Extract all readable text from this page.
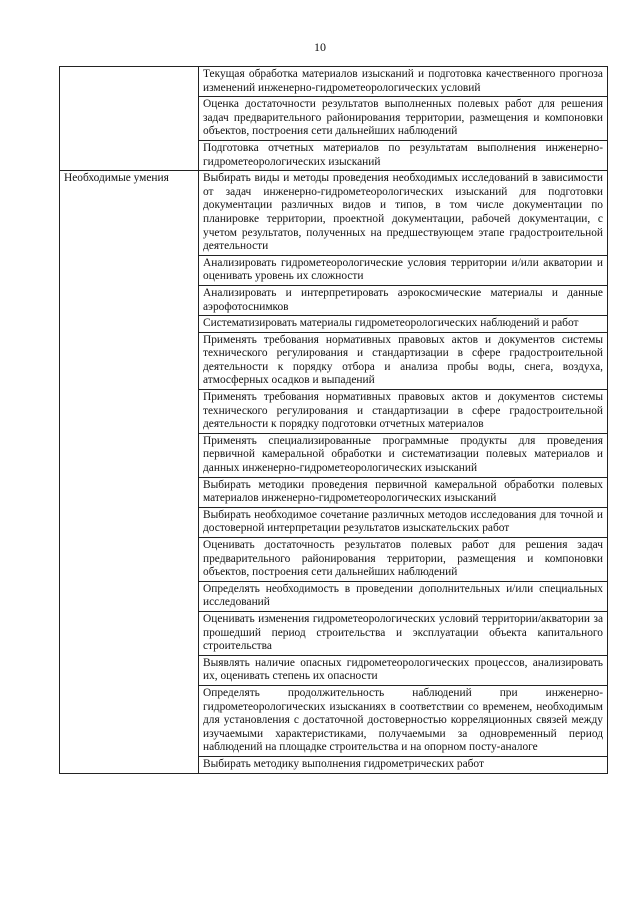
10
	Текущая обработка материалов изысканий и подготовка качественного прогноза изменений инженерно-гидрометеорологических условий
	Оценка достаточности результатов выполненных полевых работ для решения задач предварительного районирования территории, размещения и компоновки объектов, построения сети дальнейших наблюдений
	Подготовка отчетных материалов по результатам выполнения инженерно-гидрометеорологических изысканий
Необходимые умения	Выбирать виды и методы проведения необходимых исследований в зависимости от задач инженерно-гидрометеорологических изысканий для подготовки документации различных видов и типов, в том числе документации по планировке территории, проектной документации, рабочей документации, с учетом результатов, полученных на предшествующем этапе градостроительной деятельности
	Анализировать гидрометеорологические условия территории и/или акватории и оценивать уровень их сложности
	Анализировать и интерпретировать аэрокосмические материалы и данные аэрофотоснимков
	Систематизировать материалы гидрометеорологических наблюдений и работ
	Применять требования нормативных правовых актов и документов системы технического регулирования и стандартизации в сфере градостроительной деятельности к порядку отбора и анализа пробы воды, снега, воздуха, атмосферных осадков и выпадений
	Применять требования нормативных правовых актов и документов системы технического регулирования и стандартизации в сфере градостроительной деятельности к порядку подготовки отчетных материалов
	Применять специализированные программные продукты для проведения первичной камеральной обработки и систематизации полевых материалов и данных инженерно-гидрометеорологических изысканий
	Выбирать методики проведения первичной камеральной обработки полевых материалов инженерно-гидрометеорологических изысканий
	Выбирать необходимое сочетание различных методов исследования для точной и достоверной интерпретации результатов изыскательских работ
	Оценивать достаточность результатов полевых работ для решения задач предварительного районирования территории, размещения и компоновки объектов, построения сети дальнейших наблюдений
	Определять необходимость в проведении дополнительных и/или специальных исследований
	Оценивать изменения гидрометеорологических условий территории/акватории за прошедший период строительства и эксплуатации объекта капитального строительства
	Выявлять наличие опасных гидрометеорологических процессов, анализировать их, оценивать степень их опасности
	Определять продолжительность наблюдений при инженерно-гидрометеорологических изысканиях в соответствии со временем, необходимым для установления с достаточной достоверностью корреляционных связей между изучаемыми характеристиками, получаемыми за одновременный период наблюдений на площадке строительства и на опорном посту-аналоге
	Выбирать методику выполнения гидрометрических работ
